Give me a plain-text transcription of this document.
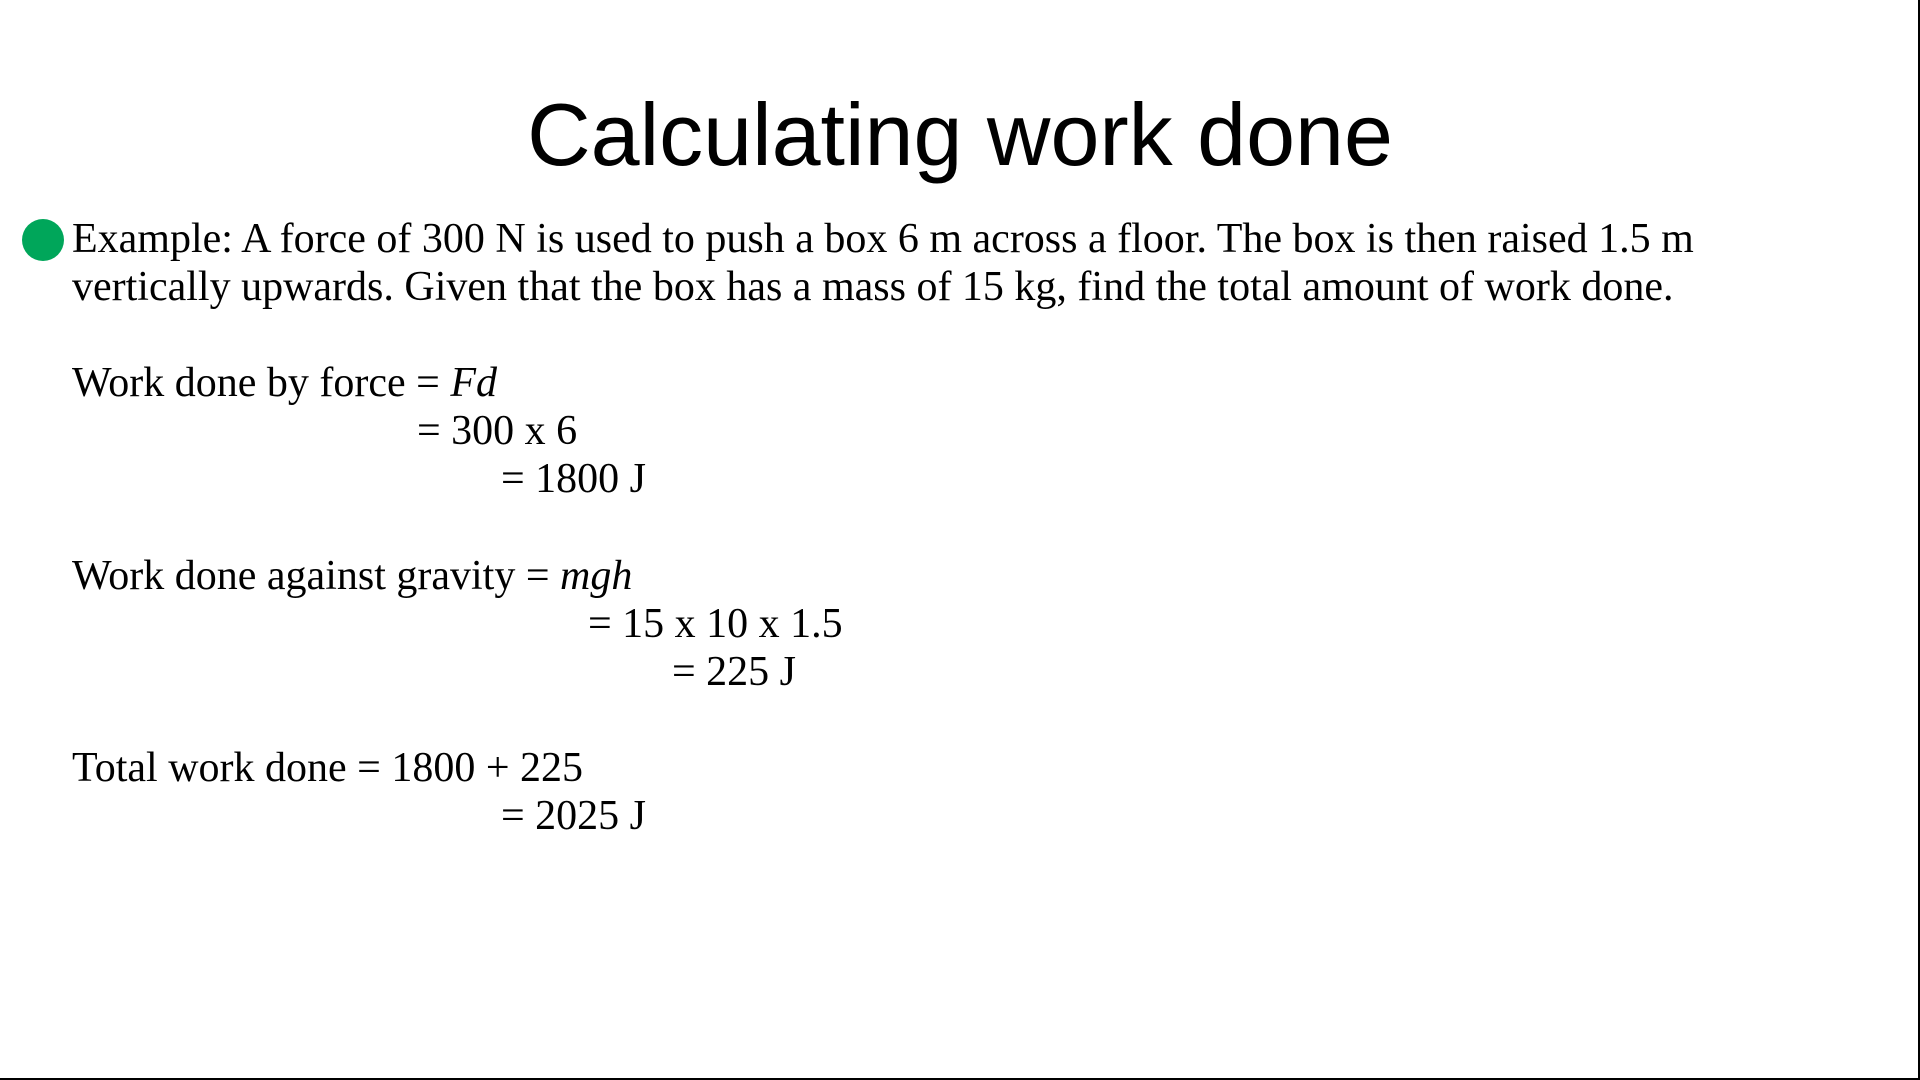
Calculating work done
Example: A force of 300 N is used to push a box 6 m across a floor. The box is then raised 1.5 m
vertically upwards. Given that the box has a mass of 15 kg, find the total amount of work done.
Work done by force = Fd
= 300 x 6
= 1800 J
Work done against gravity = mgh
= 15 x 10 x 1.5
= 225 J
Total work done = 1800 + 225
= 2025 J
